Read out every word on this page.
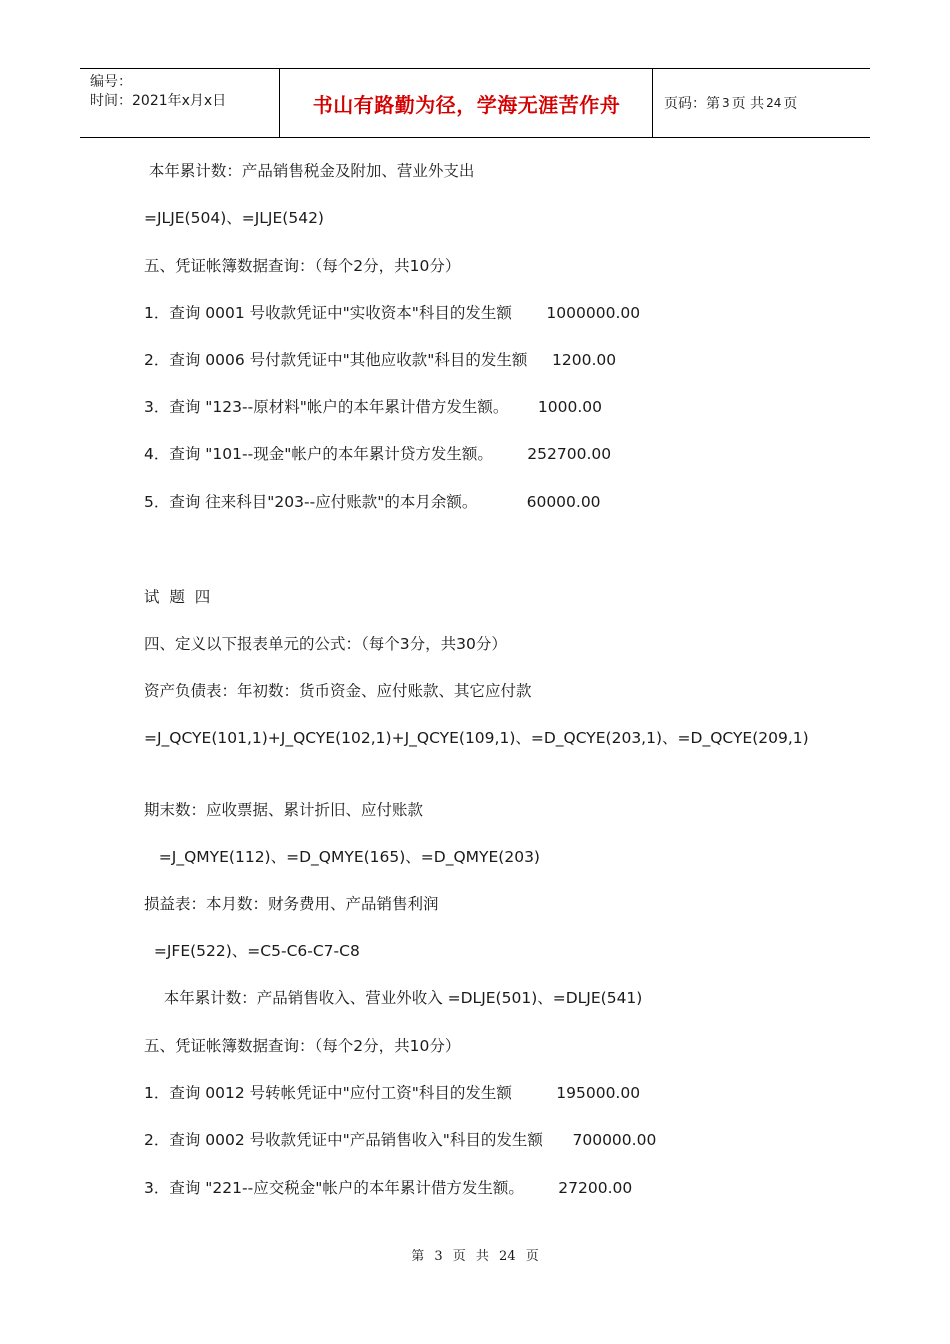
编号：
时间：2021年x月x日	书山有路勤为径，学海无涯苦作舟	页码：第 3 页 共 24 页
本年累计数：产品销售税金及附加、营业外支出
=JLJE(504)、=JLJE(542)
五、凭证帐簿数据查询：（每个2分，共10分）
1．查询 0001 号收款凭证中"实收资本"科目的发生额       1000000.00
2．查询 0006 号付款凭证中"其他应收款"科目的发生额     1200.00
3．查询 "123--原材料"帐户的本年累计借方发生额。      1000.00
4．查询 "101--现金"帐户的本年累计贷方发生额。       252700.00
5．查询 往来科目"203--应付账款"的本月余额。          60000.00
试  题  四
四、定义以下报表单元的公式：（每个3分，共30分）
资产负债表：年初数：货币资金、应付账款、其它应付款
=J_QCYE(101,1)+J_QCYE(102,1)+J_QCYE(109,1)、=D_QCYE(203,1)、=D_QCYE(209,1)
期末数：应收票据、累计折旧、应付账款
=J_QMYE(112)、=D_QMYE(165)、=D_QMYE(203)
损益表：本月数：财务费用、产品销售利润
=JFE(522)、=C5-C6-C7-C8
本年累计数：产品销售收入、营业外收入 =DLJE(501)、=DLJE(541)
五、凭证帐簿数据查询：（每个2分，共10分）
1．查询 0012 号转帐凭证中"应付工资"科目的发生额         195000.00
2．查询 0002 号收款凭证中"产品销售收入"科目的发生额      700000.00
3．查询 "221--应交税金"帐户的本年累计借方发生额。       27200.00
第 3 页 共 24 页
